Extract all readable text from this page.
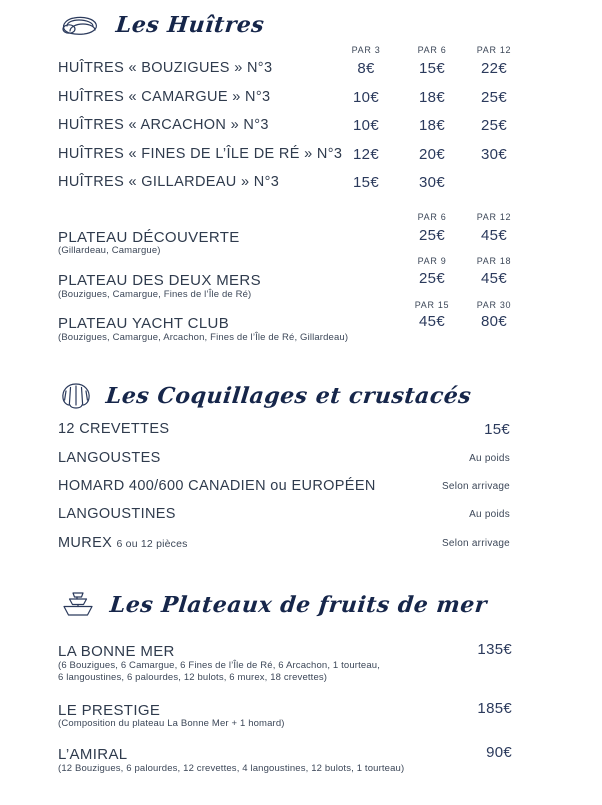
Les Huîtres
PAR 3	PAR 6	PAR 12
HUÎTRES « BOUZIGUES » N°3	8€	15€	22€
HUÎTRES « CAMARGUE » N°3	10€	18€	25€
HUÎTRES « ARCACHON » N°3	10€	18€	25€
HUÎTRES « FINES DE L’ÎLE DE RÉ » N°3 12€	20€	30€
HUÎTRES « GILLARDEAU » N°3	15€	30€
PAR 6	PAR 12
PLATEAU DÉCOUVERTE
(Gillardeau, Camargue)
25€	45€
PAR 9	PAR 18
PLATEAU DES DEUX MERS
(Bouzigues, Camargue, Fines de l’Île de Ré)
25€	45€
PAR 15	PAR 30
PLATEAU YACHT CLUB
(Bouzigues, Camargue, Arcachon, Fines de l’Île de Ré, Gillardeau)
45€	80€
Les Coquillages et crustacés
12 CREVETTES	15€
LANGOUSTES	Au poids
HOMARD 400/600 CANADIEN ou EUROPÉEN	Selon arrivage
LANGOUSTINES	Au poids
MUREX 6 ou 12 pièces	Selon arrivage
Les Plateaux de fruits de mer
LA BONNE MER
(6 Bouzigues, 6 Camargue, 6 Fines de l’Île de Ré, 6 Arcachon, 1 tourteau,
6 langoustines, 6 palourdes, 12 bulots, 6 murex, 18 crevettes)
135€
LE PRESTIGE
(Composition du plateau La Bonne Mer + 1 homard)
185€
L’AMIRAL
(12 Bouzigues, 6 palourdes, 12 crevettes, 4 langoustines, 12 bulots, 1 tourteau)
90€
